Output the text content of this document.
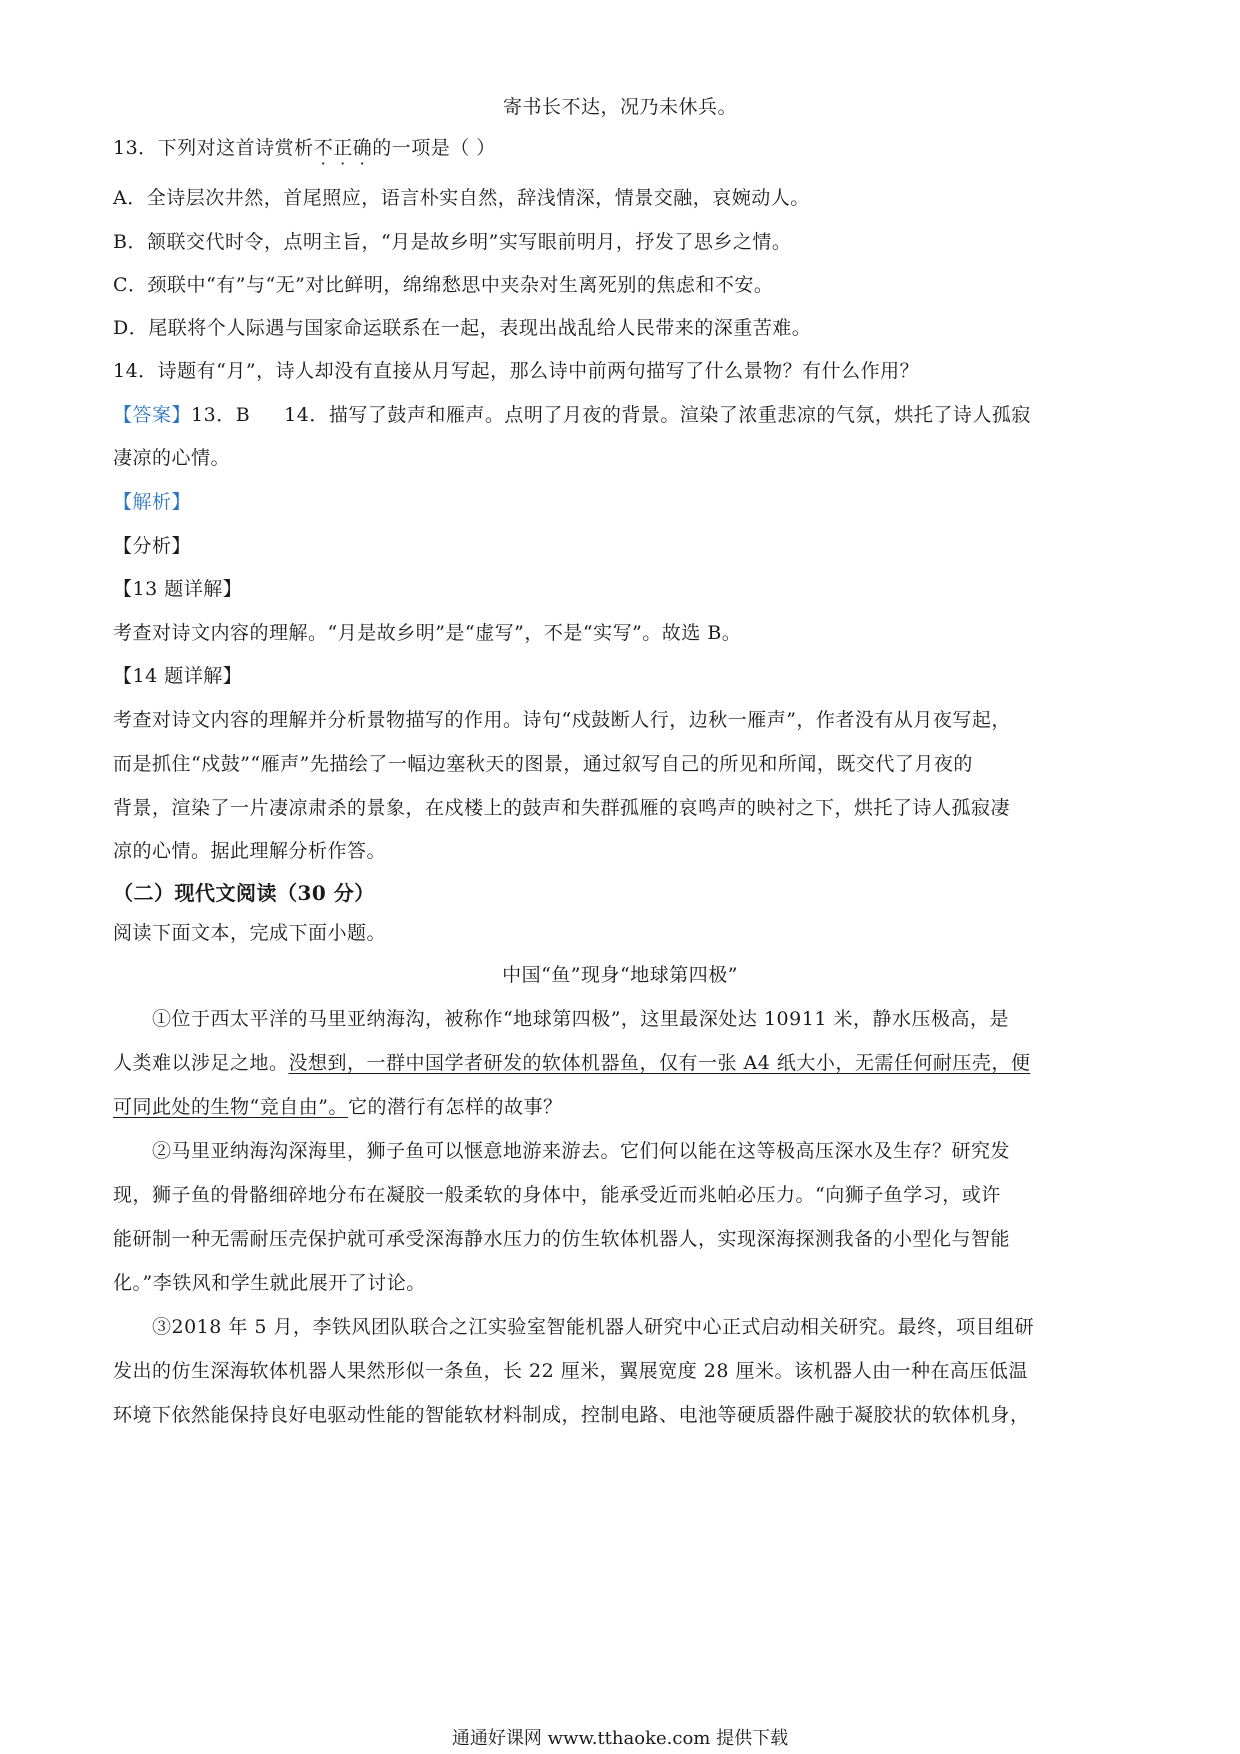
寄书长不达，况乃未休兵。
13．下列对这首诗赏析不正确的一项是（ ）
A．全诗层次井然，首尾照应，语言朴实自然，辞浅情深，情景交融，哀婉动人。
B．颔联交代时令，点明主旨，“月是故乡明”实写眼前明月，抒发了思乡之情。
C．颈联中“有”与“无”对比鲜明，绵绵愁思中夹杂对生离死别的焦虑和不安。
D．尾联将个人际遇与国家命运联系在一起，表现出战乱给人民带来的深重苦难。
14．诗题有“月”，诗人却没有直接从月写起，那么诗中前两句描写了什么景物？有什么作用？
【答案】13．B 14．描写了鼓声和雁声。点明了月夜的背景。渲染了浓重悲凉的气氛，烘托了诗人孤寂
凄凉的心情。
【解析】
【分析】
【13 题详解】
考查对诗文内容的理解。“月是故乡明”是“虚写”，不是“实写”。故选 B。
【14 题详解】
考查对诗文内容的理解并分析景物描写的作用。诗句“戍鼓断人行，边秋一雁声”，作者没有从月夜写起，
而是抓住“戍鼓”“雁声”先描绘了一幅边塞秋天的图景，通过叙写自己的所见和所闻，既交代了月夜的
背景，渲染了一片凄凉肃杀的景象，在戍楼上的鼓声和失群孤雁的哀鸣声的映衬之下，烘托了诗人孤寂凄
凉的心情。据此理解分析作答。
（二）现代文阅读（30 分）
阅读下面文本，完成下面小题。
中国“鱼”现身“地球第四极”
①位于西太平洋的马里亚纳海沟，被称作“地球第四极”，这里最深处达 10911 米，静水压极高，是
人类难以涉足之地。没想到，一群中国学者研发的软体机器鱼，仅有一张 A4 纸大小，无需任何耐压壳，便
可同此处的生物“竞自由”。它的潜行有怎样的故事？
②马里亚纳海沟深海里，狮子鱼可以惬意地游来游去。它们何以能在这等极高压深水及生存？研究发
现，狮子鱼的骨骼细碎地分布在凝胶一般柔软的身体中，能承受近而兆帕必压力。“向狮子鱼学习，或许
能研制一种无需耐压壳保护就可承受深海静水压力的仿生软体机器人，实现深海探测我备的小型化与智能
化。”李铁风和学生就此展开了讨论。
③2018 年 5 月，李铁风团队联合之江实验室智能机器人研究中心正式启动相关研究。最终，项目组研
发出的仿生深海软体机器人果然形似一条鱼，长 22 厘米，翼展宽度 28 厘米。该机器人由一种在高压低温
环境下依然能保持良好电驱动性能的智能软材料制成，控制电路、电池等硬质器件融于凝胶状的软体机身，
通通好课网 www.tthaoke.com 提供下载
